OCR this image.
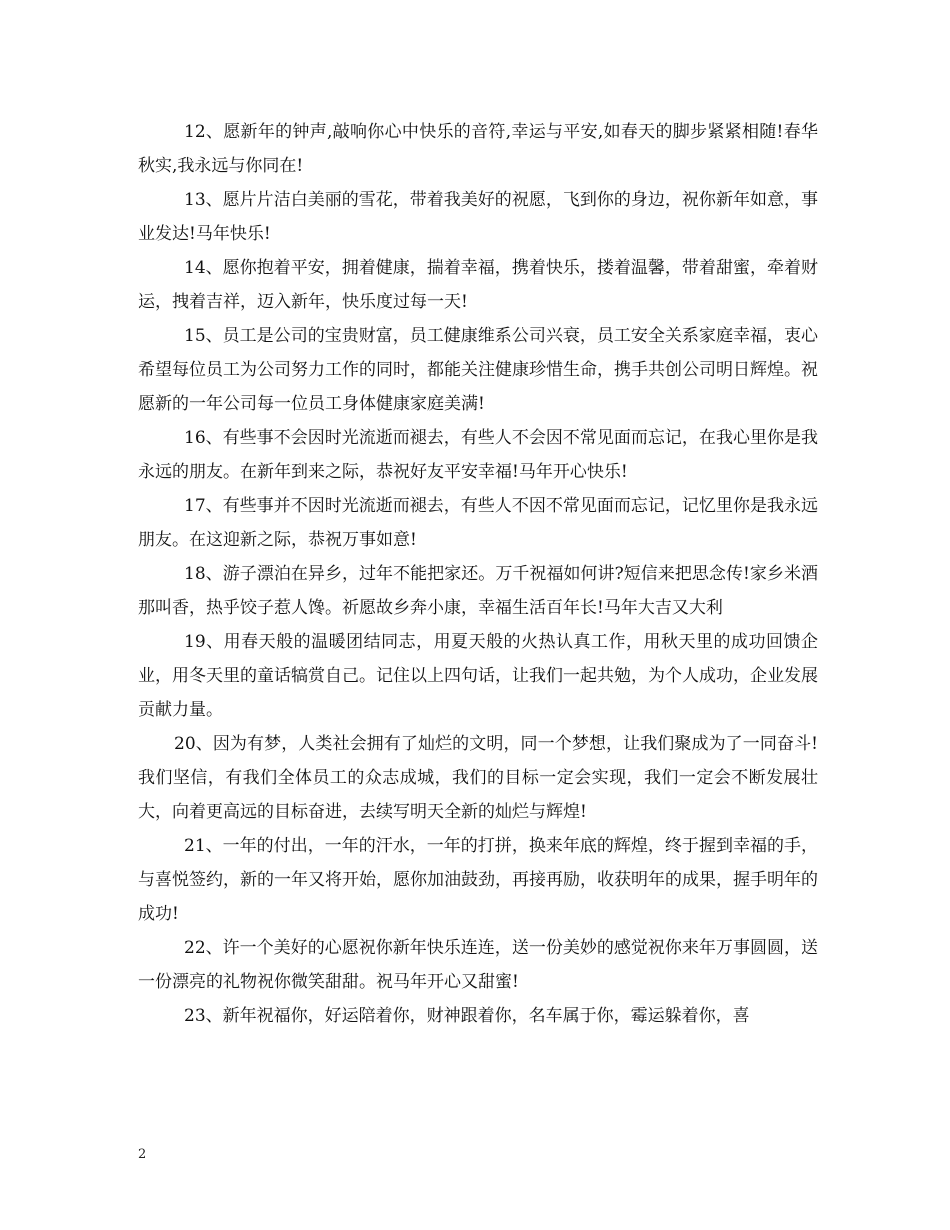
12、愿新年的钟声,敲响你心中快乐的音符,幸运与平安,如春天的脚步紧紧相随!春华秋实,我永远与你同在!

13、愿片片洁白美丽的雪花，带着我美好的祝愿，飞到你的身边，祝你新年如意，事业发达!马年快乐!

14、愿你抱着平安，拥着健康，揣着幸福，携着快乐，搂着温馨，带着甜蜜，牵着财运，拽着吉祥，迈入新年，快乐度过每一天!

15、员工是公司的宝贵财富，员工健康维系公司兴衰，员工安全关系家庭幸福，衷心希望每位员工为公司努力工作的同时，都能关注健康珍惜生命，携手共创公司明日辉煌。祝愿新的一年公司每一位员工身体健康家庭美满!

16、有些事不会因时光流逝而褪去，有些人不会因不常见面而忘记，在我心里你是我永远的朋友。在新年到来之际，恭祝好友平安幸福!马年开心快乐!

17、有些事并不因时光流逝而褪去，有些人不因不常见面而忘记，记忆里你是我永远朋友。在这迎新之际，恭祝万事如意!

18、游子漂泊在异乡，过年不能把家还。万千祝福如何讲?短信来把思念传!家乡米酒那叫香，热乎饺子惹人馋。祈愿故乡奔小康，幸福生活百年长!马年大吉又大利

19、用春天般的温暖团结同志，用夏天般的火热认真工作，用秋天里的成功回馈企业，用冬天里的童话犒赏自己。记住以上四句话，让我们一起共勉，为个人成功，企业发展贡献力量。

20、因为有梦，人类社会拥有了灿烂的文明，同一个梦想，让我们聚成为了一同奋斗!我们坚信，有我们全体员工的众志成城，我们的目标一定会实现，我们一定会不断发展壮大，向着更高远的目标奋进，去续写明天全新的灿烂与辉煌!

21、一年的付出，一年的汗水，一年的打拼，换来年底的辉煌，终于握到幸福的手，与喜悦签约，新的一年又将开始，愿你加油鼓劲，再接再励，收获明年的成果，握手明年的成功!

22、许一个美好的心愿祝你新年快乐连连，送一份美妙的感觉祝你来年万事圆圆，送一份漂亮的礼物祝你微笑甜甜。祝马年开心又甜蜜!

23、新年祝福你，好运陪着你，财神跟着你，名车属于你，霉运躲着你，喜

2
